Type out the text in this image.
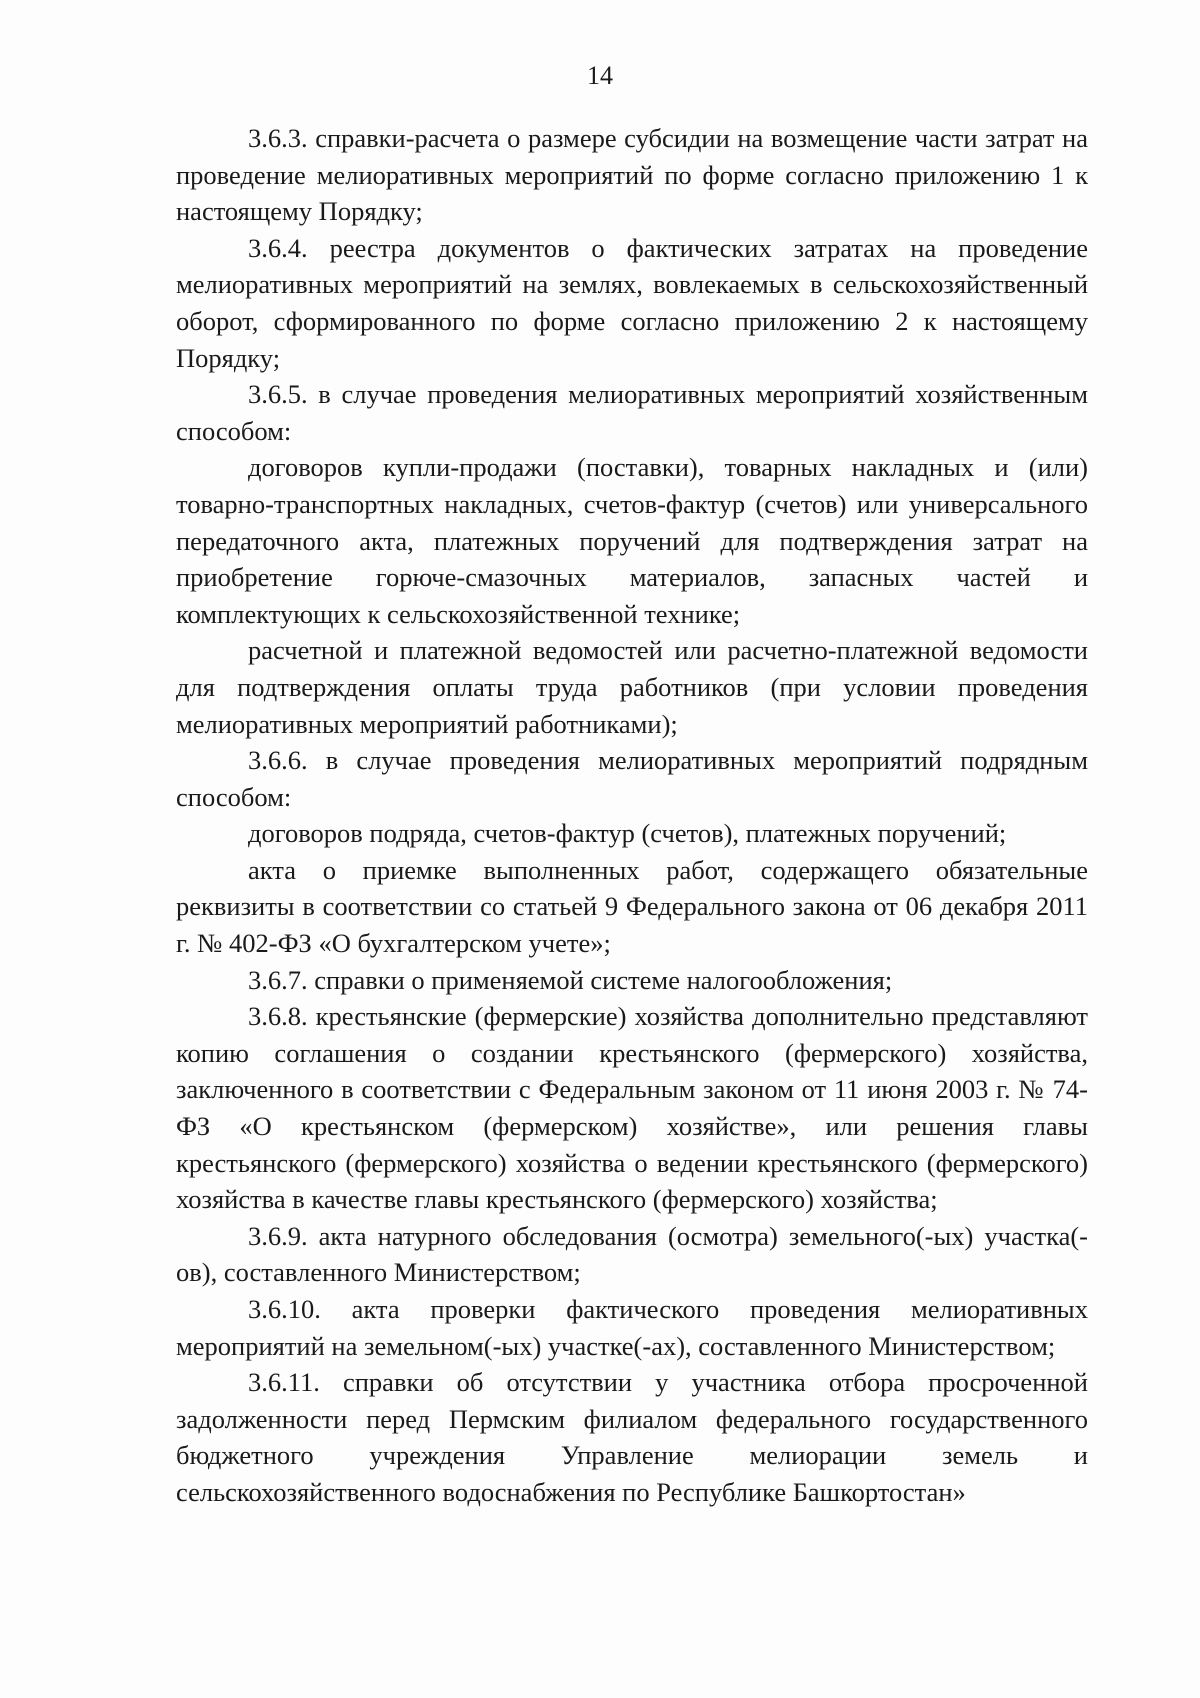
14

3.6.3. справки-расчета о размере субсидии на возмещение части затрат на проведение мелиоративных мероприятий по форме согласно приложению 1 к настоящему Порядку;

3.6.4. реестра документов о фактических затратах на проведение мелиоративных мероприятий на землях, вовлекаемых в сельскохозяйственный оборот, сформированного по форме согласно приложению 2 к настоящему Порядку;

3.6.5. в случае проведения мелиоративных мероприятий хозяйственным способом:

договоров купли-продажи (поставки), товарных накладных и (или) товарно-транспортных накладных, счетов-фактур (счетов) или универсального передаточного акта, платежных поручений для подтверждения затрат на приобретение горюче-смазочных материалов, запасных частей и комплектующих к сельскохозяйственной технике;

расчетной и платежной ведомостей или расчетно-платежной ведомости для подтверждения оплаты труда работников (при условии проведения мелиоративных мероприятий работниками);

3.6.6. в случае проведения мелиоративных мероприятий подрядным способом:

договоров подряда, счетов-фактур (счетов), платежных поручений;

акта о приемке выполненных работ, содержащего обязательные реквизиты в соответствии со статьей 9 Федерального закона от 06 декабря 2011 г. № 402-ФЗ «О бухгалтерском учете»;

3.6.7. справки о применяемой системе налогообложения;

3.6.8. крестьянские (фермерские) хозяйства дополнительно представляют копию соглашения о создании крестьянского (фермерского) хозяйства, заключенного в соответствии с Федеральным законом от 11 июня 2003 г. № 74-ФЗ «О крестьянском (фермерском) хозяйстве», или решения главы крестьянского (фермерского) хозяйства о ведении крестьянского (фермерского) хозяйства в качестве главы крестьянского (фермерского) хозяйства;

3.6.9. акта натурного обследования (осмотра) земельного(-ых) участка(-ов), составленного Министерством;

3.6.10. акта проверки фактического проведения мелиоративных мероприятий на земельном(-ых) участке(-ах), составленного Министерством;

3.6.11. справки об отсутствии у участника отбора просроченной задолженности перед Пермским филиалом федерального государственного бюджетного учреждения Управление мелиорации земель и сельскохозяйственного водоснабжения по Республике Башкортостан»
